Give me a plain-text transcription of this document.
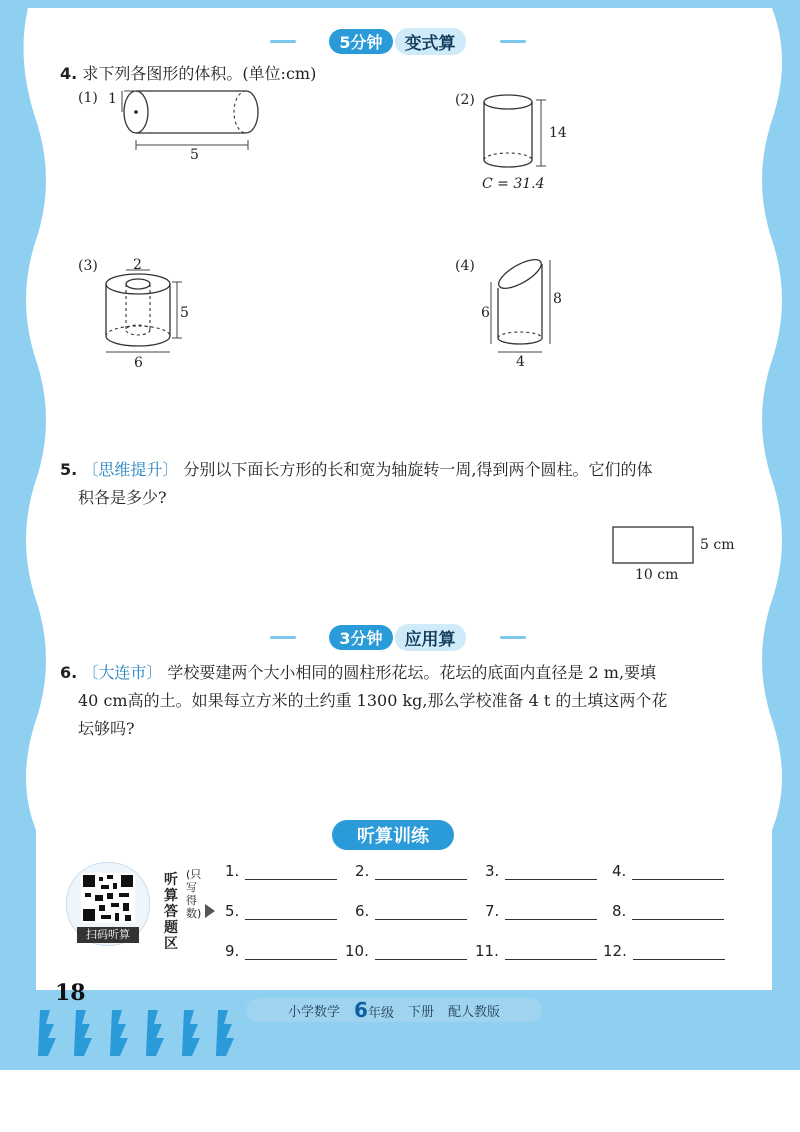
5分钟	变式算
4. 求下列各图形的体积。(单位:cm)
(1) 1
5
(2)
14
C = 31.4
(3)	2
5
6
(4)
6
8
4
5. 〔思维提升〕 分别以下面长方形的长和宽为轴旋转一周,得到两个圆柱。它们的体
积各是多少?
5 cm
10 cm
3分钟	应用算
6. 〔大连市〕 学校要建两个大小相同的圆柱形花坛。花坛的底面内直径是 2 m,要填
40 cm高的土。如果每立方米的土约重 1300 kg,那么学校准备 4 t 的土填这两个花
坛够吗?
听算训练
扫码听算
听算答题区
(只写得数)
1.	2.	3.	4.
5.	6.	7.	8.
9.	10.	11.	12.
18
小学数学 6年级 下册 配人教版
